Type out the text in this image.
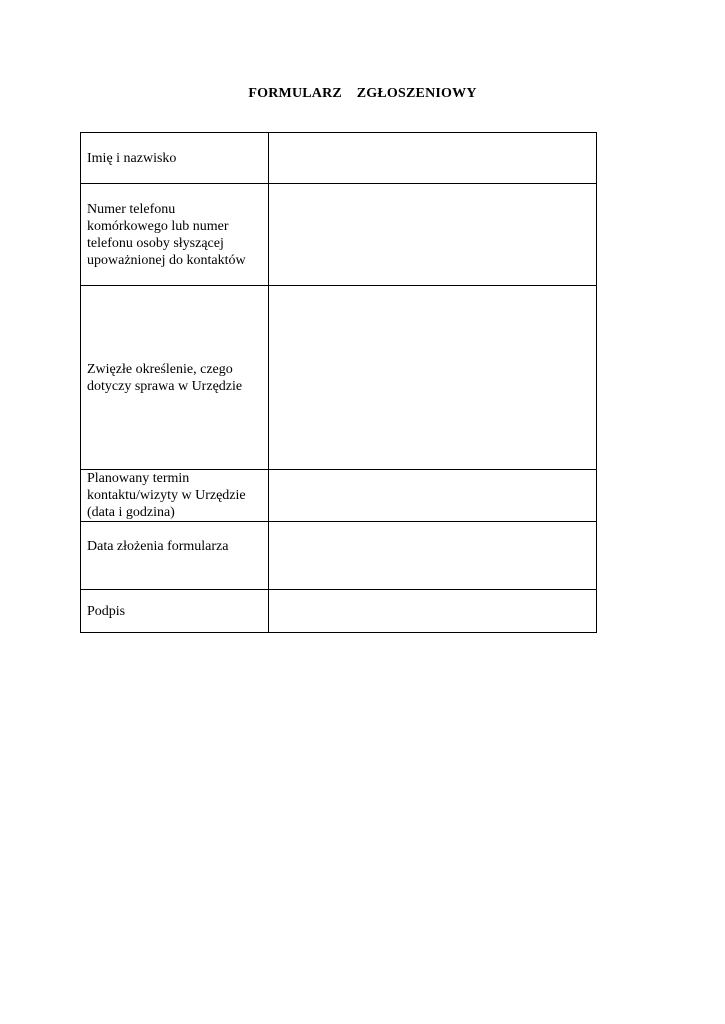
FORMULARZ    ZGŁOSZENIOWY
Imię i nazwisko	

Numer telefonu
komórkowego lub numer
telefonu osoby słyszącej
upoważnionej do kontaktów	

Zwięzłe określenie, czego
dotyczy sprawa w Urzędzie	

Planowany termin
kontaktu/wizyty w Urzędzie
(data i godzina)	

Data złożenia formularza	

Podpis	
